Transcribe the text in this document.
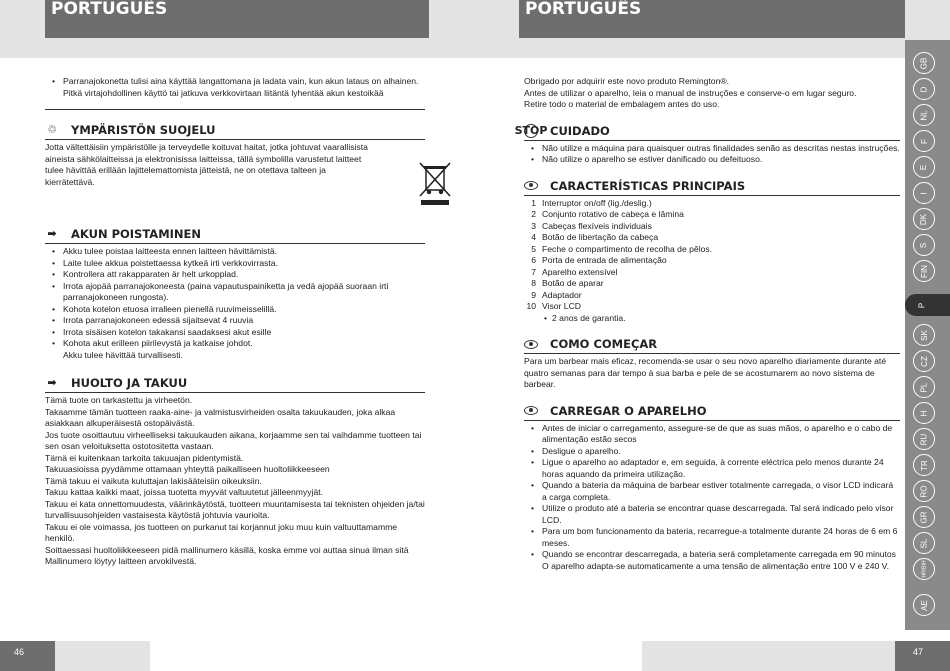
PORTUGUÊS	PORTUGUÊS
• Parranajokonetta tulisi aina käyttää langattomana ja ladata vain, kun akun lataus on alhainen. Pitkä virtajohdollinen käyttö tai jatkuva verkkovirtaan liitäntä lyhentää akun kestoikää
♲ YMPÄRISTÖN SUOJELU
Jotta vältettäisiin ympäristölle ja terveydelle koituvat haitat, jotka johtuvat vaarallisista aineista sähkölaitteissa ja elektronisissa laitteissa, tällä symbolilla varustetut laitteet tulee hävittää erillään lajittelemattomista jätteistä, ne on otettava talteen ja kierrätettävä.
➡ AKUN POISTAMINEN
• Akku tulee poistaa laitteesta ennen laitteen hävittämistä.
• Laite tulee akkua poistettaessa kytkeä irti verkkovirrasta.
• Kontrollera att rakapparaten är helt urkopplad.
• Irrota ajopää parranajokoneesta (paina vapautuspainiketta ja vedä ajopää suoraan irti parranajokoneen rungosta).
• Kohota kotelon etuosa irralleen pienellä ruuvimeisselillä.
• Irrota parranajokoneen edessä sijaitsevat 4 ruuvia
• Irrota sisäisen kotelon takakansi saadaksesi akut esille
• Kohota akut erilleen piirilevystä ja katkaise johdot.
Akku tulee hävittää turvallisesti.
➡ HUOLTO JA TAKUU
Tämä tuote on tarkastettu ja virheetön.
Takaamme tämän tuotteen raaka-aine- ja valmistusvirheiden osalta takuukauden, joka alkaa asiakkaan alkuperäisestä ostopäivästä.
Jos tuote osoittautuu virheelliseksi takuukauden aikana, korjaamme sen tai vaihdamme tuotteen tai sen osan veloituksetta ostotositetta vastaan.
Tämä ei kuitenkaan tarkoita takuuajan pidentymistä.
Takuuasioissa pyydämme ottamaan yhteyttä paikalliseen huoltoliikkeeseen
Tämä takuu ei vaikuta kuluttajan lakisääteisiin oikeuksiin.
Takuu kattaa kaikki maat, joissa tuotetta myyvät valtuutetut jälleenmyyjät.
Takuu ei kata onnettomuudesta, väärinkäytöstä, tuotteen muuntamisesta tai teknisten ohjeiden ja/tai turvallisuusohjeiden vastaisesta käytöstä johtuvia vaurioita.
Takuu ei ole voimassa, jos tuotteen on purkanut tai korjannut joku muu kuin valtuuttamamme henkilö.
Soittaessasi huoltoliikkeeseen pidä mallinumero käsillä, koska emme voi auttaa sinua ilman sitä
Mallinumero löytyy laitteen arvokilvestä.
Obrigado por adquirir este novo produto Remington®.
Antes de utilizar o aparelho, leia o manual de instruções e conserve-o em lugar seguro.
Retire todo o material de embalagem antes do uso.
STOP CUIDADO
• Não utilize a máquina para quaisquer outras finalidades senão as descritas nestas instruções.
• Não utilize o aparelho se estiver danificado ou defeituoso.
CARACTERÍSTICAS PRINCIPAIS
1 Interruptor on/off (lig./deslig.)
2 Conjunto rotativo de cabeça e lâmina
3 Cabeças flexíveis individuais
4 Botão de libertação da cabeça
5 Feche o compartimento de recolha de pêlos.
6 Porta de entrada de alimentação
7 Aparelho extensível
8 Botão de aparar
9 Adaptador
10 Visor LCD
• 2 anos de garantia.
COMO COMEÇAR
Para um barbear mais eficaz, recomenda-se usar o seu novo aparelho diariamente durante até quatro semanas para dar tempo à sua barba e pele de se acostumarem ao novo sistema de barbear.
CARREGAR O APARELHO
• Antes de iniciar o carregamento, assegure-se de que as suas mãos, o aparelho e o cabo de alimentação estão secos
• Desligue o aparelho.
• Ligue o aparelho ao adaptador e, em seguida, à corrente eléctrica pelo menos durante 24 horas aquando da primeira utilização.
• Quando a bateria da máquina de barbear estiver totalmente carregada, o visor LCD indicará a carga completa.
• Utilize o produto até a bateria se encontrar quase descarregada. Tal será indicado pelo visor LCD.
• Para um bom funcionamento da bateria, recarregue-a totalmente durante 24 horas de 6 em 6 meses.
• Quando se encontrar descarregada, a bateria será completamente carregada em 90 minutos
O aparelho adapta-se automaticamente a uma tensão de alimentação entre 100 V e 240 V.
GB
D
NL
F
E
I
DK
S
FIN
P
SK
CZ
PL
H
RU
TR
RO
GR
SL
HR/BIH
AE
46	47
